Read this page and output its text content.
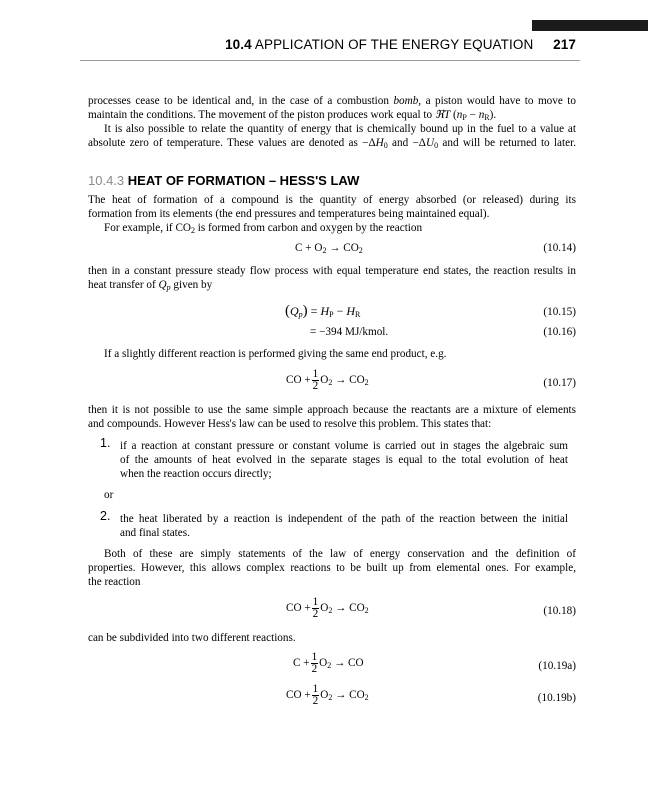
10.4 APPLICATION OF THE ENERGY EQUATION 217
processes cease to be identical and, in the case of a combustion bomb, a piston would have to move to
maintain the conditions. The movement of the piston produces work equal to ℜT $(n_P - n_R)$.
It is also possible to relate the quantity of energy that is chemically bound up in the fuel to a value at
absolute zero of temperature. These values are denoted as $-\Delta H_0$ and $-\Delta U_0$ and will be returned to later.
10.4.3 HEAT OF FORMATION – HESS'S LAW
The heat of formation of a compound is the quantity of energy absorbed (or released) during its
formation from its elements (the end pressures and temperatures being maintained equal).
For example, if $CO_2$ is formed from carbon and oxygen by the reaction
$C + O_2 \to CO_2$	(10.14)
then in a constant pressure steady flow process with equal temperature end states, the reaction results in
heat transfer of $Q_p$ given by
$(Q_p) = H_P - H_R$	(10.15)
= −394 MJ/kmol.	(10.16)
If a slightly different reaction is performed giving the same end product, e.g.
CO + $\frac{1}{2} O_2 \to CO_2$	(10.17)
then it is not possible to use the same simple approach because the reactants are a mixture of elements
and compounds. However Hess's law can be used to resolve this problem. This states that:
1. if a reaction at constant pressure or constant volume is carried out in stages the algebraic sum
of the amounts of heat evolved in the separate stages is equal to the total evolution of heat
when the reaction occurs directly;
or
2. the heat liberated by a reaction is independent of the path of the reaction between the initial
and final states.
Both of these are simply statements of the law of energy conservation and the definition of
properties. However, this allows complex reactions to be built up from elemental ones. For example,
the reaction
CO + $\frac{1}{2} O_2 \to CO_2$	(10.18)
can be subdivided into two different reactions.
$C + \frac{1}{2} O_2$ → CO	(10.19a)
CO + $\frac{1}{2} O_2 \to CO_2$	(10.19b)
